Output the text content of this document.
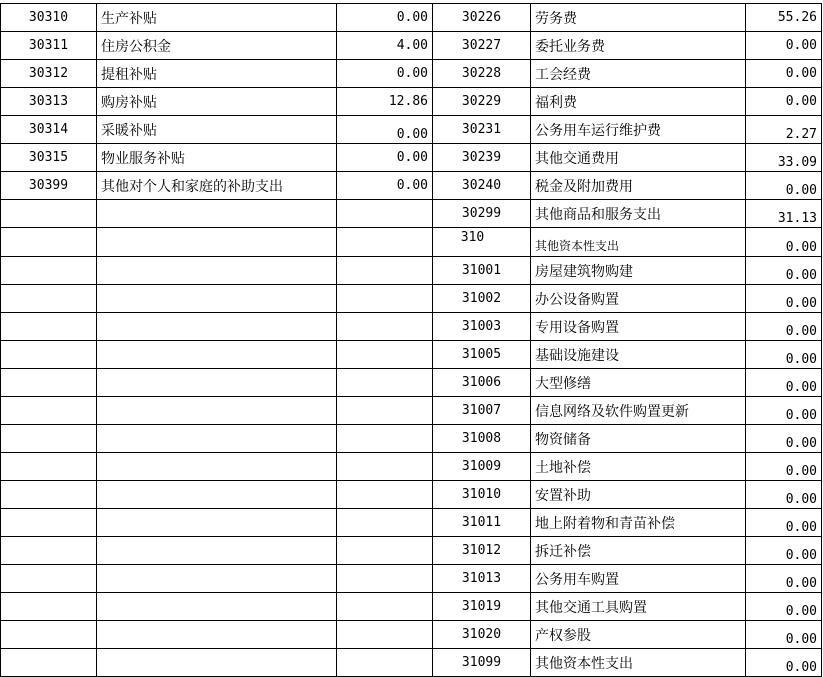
30310	生产补贴	0.00	30226	劳务费	55.26
30311	住房公积金	4.00	30227	委托业务费	0.00
30312	提租补贴	0.00	30228	工会经费	0.00
30313	购房补贴	12.86	30229	福利费	0.00
30314	采暖补贴	0.00	30231	公务用车运行维护费	2.27
30315	物业服务补贴	0.00	30239	其他交通费用	33.09
30399	其他对个人和家庭的补助支出	0.00	30240	税金及附加费用	0.00
			30299	其他商品和服务支出	31.13
			310	其他资本性支出	0.00
			31001	房屋建筑物购建	0.00
			31002	办公设备购置	0.00
			31003	专用设备购置	0.00
			31005	基础设施建设	0.00
			31006	大型修缮	0.00
			31007	信息网络及软件购置更新	0.00
			31008	物资储备	0.00
			31009	土地补偿	0.00
			31010	安置补助	0.00
			31011	地上附着物和青苗补偿	0.00
			31012	拆迁补偿	0.00
			31013	公务用车购置	0.00
			31019	其他交通工具购置	0.00
			31020	产权参股	0.00
			31099	其他资本性支出	0.00
